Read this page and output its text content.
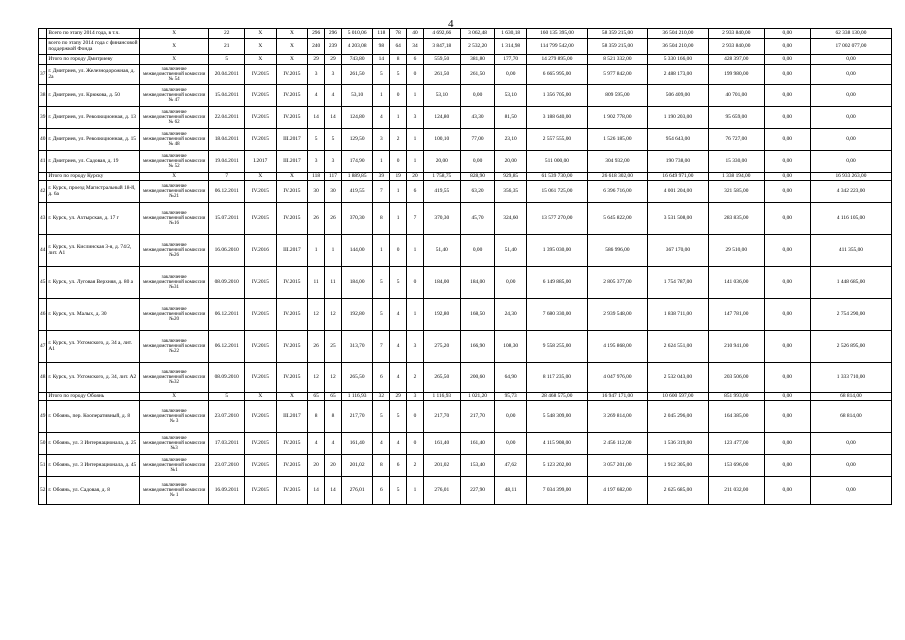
4
	Всего по этапу 2014 года, в т.ч.	X	22	X	X	296	296	5 010,06	118	78	40	4 692,66	3 062,48	1 630,18	160 135 395,00	58 359 215,00	36 504 210,00	2 933 840,00	0,00	62 338 130,00
	всего по этапу 2014 года с финансовой поддержкой Фонда	X	21	X	X	240	239	4 203,08	98	64	34	3 847,18	2 532,20	1 314,98	114 799 542,00	58 359 215,00	36 504 210,00	2 933 840,00	0,00	17 002 077,00
	Итого по городу Дмитриеву	X	5	X	X	29	29	743,80	14	8	6	559,50	381,80	177,70	14 279 895,00	8 521 332,00	5 330 166,00	428 397,00	0,00	0,00
37	г. Дмитриев, ул. Железнодорожная, д. 2а	заключение межведомственной комиссии № 54	20.04.2011	IV.2015	IV.2015	3	3	261,50	5	5	0	261,50	261,50	0,00	6 665 995,00	5 977 842,00	2 488 173,00	199 980,00	0,00	0,00
38	г. Дмитриев, ул. Крюкова, д. 50	заключение межведомственной комиссии № 47	15.04.2011	IV.2015	IV.2015	4	4	53,10	1	0	1	53,10	0,00	53,10	1 356 705,00	809 595,00	506 409,00	40 701,00	0,00	0,00
39	г. Дмитриев, ул. Революционная, д. 13	заключение межведомственной комиссии № 62	22.04.2011	IV.2015	IV.2015	14	14	124,80	4	1	3	124,80	43,30	81,50	3 188 640,00	1 902 778,00	1 190 203,00	95 659,00	0,00	0,00
40	г. Дмитриев, ул. Революционная, д. 15	заключение межведомственной комиссии № 48	18.04.2011	IV.2015	III.2017	5	5	129,50	3	2	1	100,10	77,00	23,10	2 557 555,00	1 526 185,00	954 643,00	76 727,00	0,00	0,00
41	г. Дмитриев, ул. Садовая, д. 19	заключение межведомственной комиссии № 52	19.04.2011	I.2017	III.2017	3	3	174,90	1	0	1	20,00	0,00	20,00	511 000,00	304 932,00	190 738,00	15 330,00	0,00	0,00
	Итого по городу Курску	X	7	X	X	118	117	1 889,85	39	19	20	1 758,75	828,90	929,85	61 539 730,00	26 618 302,00	16 649 971,00	1 338 194,00	0,00	16 933 263,00
42	г. Курск, проезд Магистральный 18-й, д. 6а	заключение межведомственной комиссии №21	06.12.2011	IV.2015	IV.2015	30	30	419,55	7	1	6	419,55	63,20	356,35	15 061 725,00	6 396 716,00	4 001 204,00	321 585,00	0,00	4 342 223,00
43	г. Курск, ул. Ахтырская, д. 17 г	заключение межведомственной комиссии №16	15.07.2011	IV.2015	IV.2015	26	26	370,30	8	1	7	370,30	45,70	324,60	13 577 270,00	5 645 822,00	3 531 508,00	283 835,00	0,00	4 116 105,00
44	г. Курск, ул. Кислинская 3-я, д. 74/2, лит. А1	заключение межведомственной комиссии №26	16.06.2010	IV.2016	III.2017	1	1	144,00	1	0	1	51,40	0,00	51,40	1 395 030,00	586 996,00	367 170,00	29 510,00	0,00	411 355,00
45	г. Курск, ул. Луговая Верхняя, д. 80 а	заключение межведомственной комиссии №31	08.09.2010	IV.2015	IV.2015	11	11	184,00	5	5	0	184,00	184,00	0,00	6 149 885,00	2 805 377,00	1 754 787,00	141 036,00	0,00	1 448 685,00
46	г. Курск, ул. Малых, д. 30	заключение межведомственной комиссии №20	06.12.2011	IV.2015	IV.2015	12	12	192,80	5	4	1	192,80	168,50	24,30	7 680 330,00	2 939 548,00	1 838 711,00	147 781,00	0,00	2 754 290,00
47	г. Курск, ул. Ухтомского, д. 34 а, лит. А1	заключение межведомственной комиссии №22	06.12.2011	IV.2015	IV.2015	26	25	313,70	7	4	3	275,20	166,90	108,30	9 558 255,00	4 195 868,00	2 624 551,00	210 941,00	0,00	2 526 895,00
48	г. Курск, ул. Ухтомского, д. 34, лит. А2	заключение межведомственной комиссии №32	08.09.2010	IV.2015	IV.2015	12	12	265,50	6	4	2	265,50	200,60	64,90	8 117 235,00	4 047 976,00	2 532 043,00	203 506,00	0,00	1 333 710,00
	Итого по городу Обоянь	X	5	X	X	65	65	1 116,93	32	29	3	1 116,93	1 021,20	95,73	28 468 575,00	16 947 171,00	10 600 597,00	851 993,00	0,00	68 814,00
49	г. Обоянь, пер. Кооперативный, д. 8	заключение межведомственной комиссии № 3	23.07.2010	IV.2015	III.2017	8	8	217,70	5	5	0	217,70	217,70	0,00	5 548 309,00	3 269 814,00	2 045 296,00	164 385,00	0,00	68 814,00
50	г. Обоянь, ул. 3 Интернационала, д. 25	заключение межведомственной комиссии №3	17.03.2011	IV.2015	IV.2015	4	4	161,40	4	4	0	161,40	161,40	0,00	4 115 908,00	2 456 112,00	1 536 319,00	123 477,00	0,00	0,00
51	г. Обоянь, ул. 3 Интернационала, д. 45	заключение межведомственной комиссии №1	23.07.2010	IV.2015	IV.2015	20	20	201,02	8	6	2	201,02	153,40	47,62	5 123 202,00	3 057 201,00	1 912 305,00	153 696,00	0,00	0,00
52	г. Обоянь, ул. Садовая, д. 8	заключение межведомственной комиссии № 1	16.09.2011	IV.2015	IV.2015	14	14	276,01	6	5	1	276,01	227,90	48,11	7 034 399,00	4 197 682,00	2 625 685,00	211 032,00	0,00	0,00
